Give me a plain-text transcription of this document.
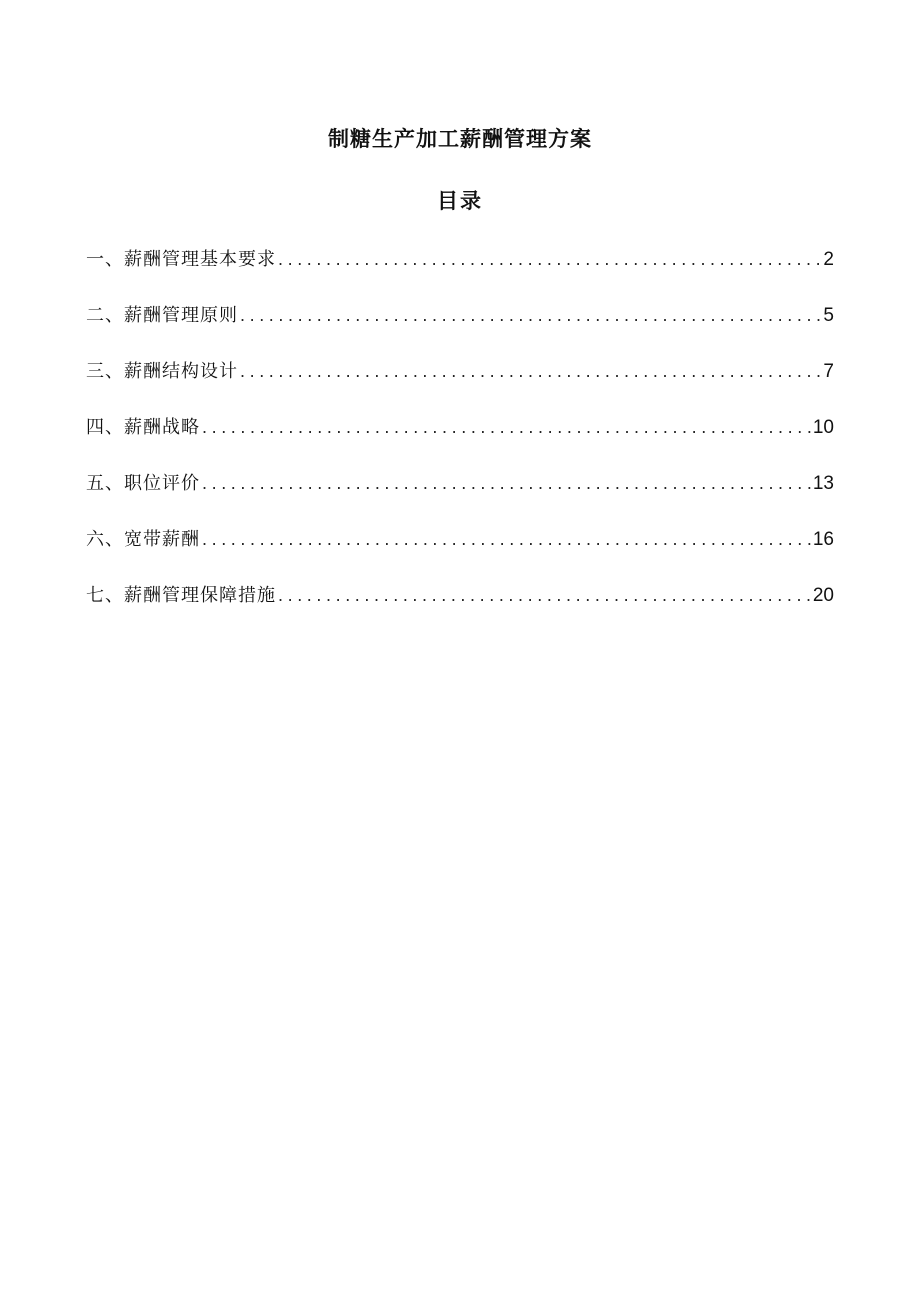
制糖生产加工薪酬管理方案
目录
一、薪酬管理基本要求 .....	2
二、薪酬管理原则 .....	5
三、薪酬结构设计 .....	7
四、薪酬战略 .....	10
五、职位评价 .....	13
六、宽带薪酬 .....	16
七、薪酬管理保障措施 .....	20
